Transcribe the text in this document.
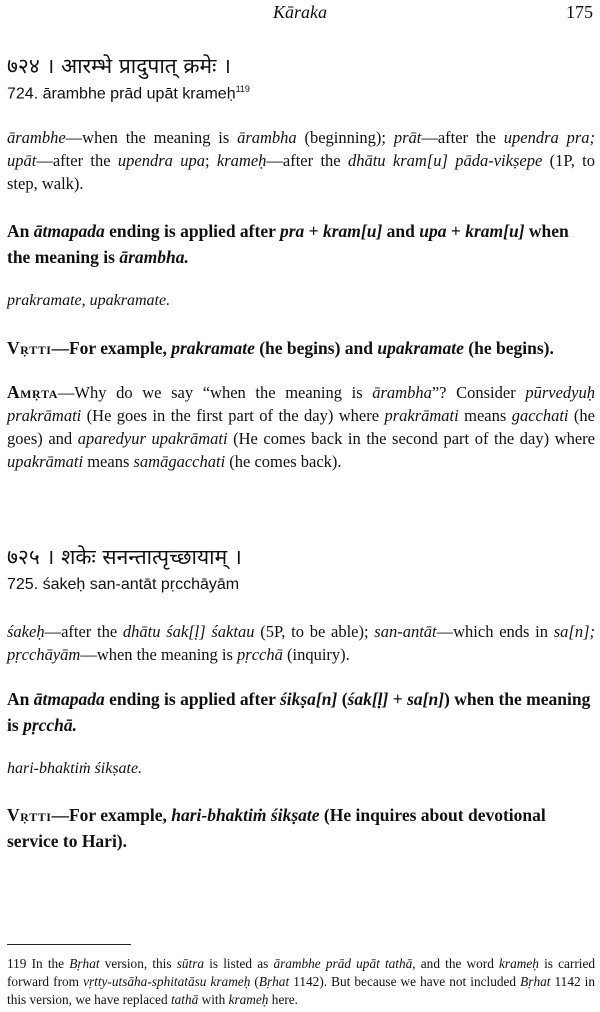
Kāraka	175
७२४ । आरम्भे प्रादुपात् क्रमेः ।
724. ārambhe prād upāt krameḥ$^{119}$
ārambhe—when the meaning is ārambha (beginning); prāt—after the upendra pra; upāt—after the upendra upa; krameḥ—after the dhātu kram[u] pāda-vikṣepe (1P, to step, walk).
An ātmapada ending is applied after pra + kram[u] and upa + kram[u] when the meaning is ārambha.
prakramate, upakramate.
Vṛtti—For example, prakramate (he begins) and upakramate (he begins).
Amṛta—Why do we say “when the meaning is ārambha”? Consider pūrvedyuḥ prakrāmati (He goes in the first part of the day) where prakrāmati means gacchati (he goes) and aparedyur upakrāmati (He comes back in the second part of the day) where upakrāmati means samāgacchati (he comes back).
७२५ । शकेः सनन्तात्पृच्छायाम् ।
725. śakeḥ san-antāt pṛcchāyām
śakeḥ—after the dhātu śak[ḷ] śaktau (5P, to be able); san-antāt—which ends in sa[n]; pṛcchāyām—when the meaning is pṛcchā (inquiry).
An ātmapada ending is applied after śikṣa[n] (śak[ḷ] + sa[n]) when the meaning is pṛcchā.
hari-bhaktiṁ śikṣate.
Vṛtti—For example, hari-bhaktiṁ śikṣate (He inquires about devotional service to Hari).
119 In the Bṛhat version, this sūtra is listed as ārambhe prād upāt tathā, and the word krameḥ is carried forward from vṛtty-utsāha-sphitatāsu krameḥ (Bṛhat 1142). But because we have not included Bṛhat 1142 in this version, we have replaced tathā with krameḥ here.
